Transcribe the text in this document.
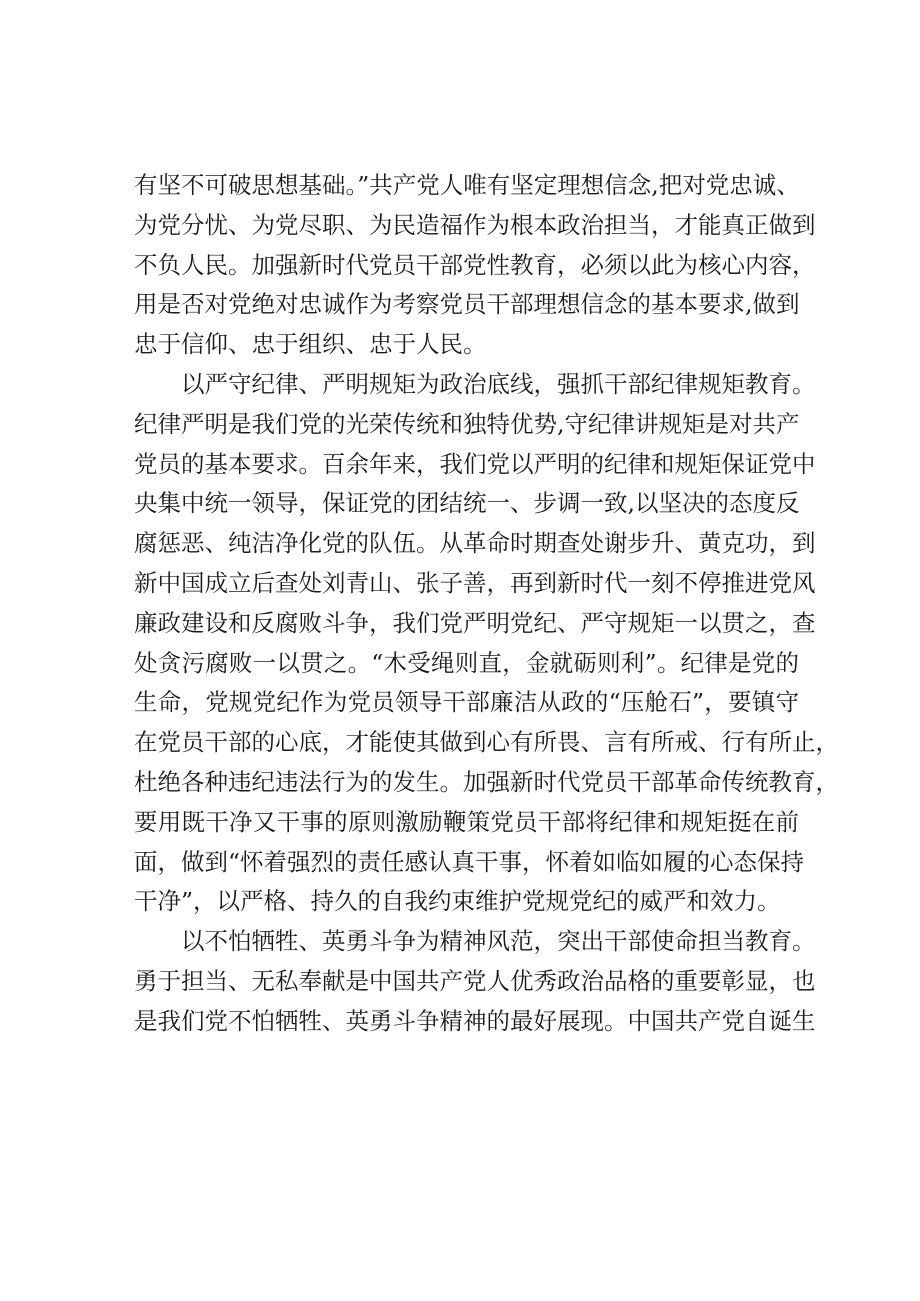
有坚不可破思想基础。”共产党人唯有坚定理想信念,把对党忠诚、
为党分忧、为党尽职、为民造福作为根本政治担当，才能真正做到
不负人民。加强新时代党员干部党性教育，必须以此为核心内容，
用是否对党绝对忠诚作为考察党员干部理想信念的基本要求,做到
忠于信仰、忠于组织、忠于人民。
以严守纪律、严明规矩为政治底线，强抓干部纪律规矩教育。
纪律严明是我们党的光荣传统和独特优势,守纪律讲规矩是对共产
党员的基本要求。百余年来，我们党以严明的纪律和规矩保证党中
央集中统一领导，保证党的团结统一、步调一致,以坚决的态度反
腐惩恶、纯洁净化党的队伍。从革命时期查处谢步升、黄克功，到
新中国成立后查处刘青山、张子善，再到新时代一刻不停推进党风
廉政建设和反腐败斗争，我们党严明党纪、严守规矩一以贯之，查
处贪污腐败一以贯之。“木受绳则直，金就砺则利”。纪律是党的
生命，党规党纪作为党员领导干部廉洁从政的“压舱石”，要镇守
在党员干部的心底，才能使其做到心有所畏、言有所戒、行有所止，
杜绝各种违纪违法行为的发生。加强新时代党员干部革命传统教育，
要用既干净又干事的原则激励鞭策党员干部将纪律和规矩挺在前
面，做到“怀着强烈的责任感认真干事，怀着如临如履的心态保持
干净”，以严格、持久的自我约束维护党规党纪的威严和效力。
以不怕牺牲、英勇斗争为精神风范，突出干部使命担当教育。
勇于担当、无私奉献是中国共产党人优秀政治品格的重要彰显，也
是我们党不怕牺牲、英勇斗争精神的最好展现。中国共产党自诞生
